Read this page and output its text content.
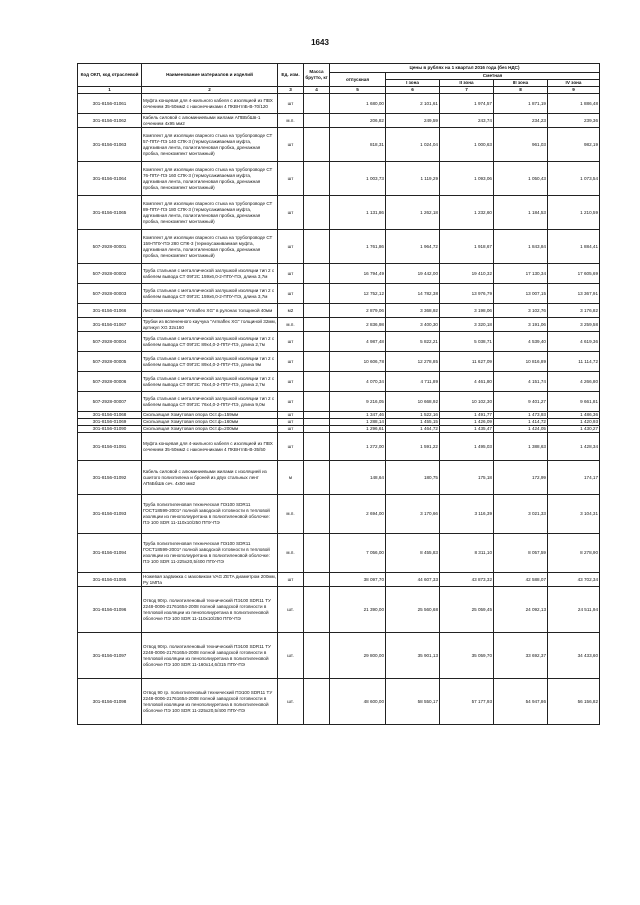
1643
Код ОКП, код отраслевой	Наименование материалов и изделий	Ед. изм.	Масса брутто, кг	Цены в рублях на 1 квартал 2016 года (без НДС)				
				отпускная	Сметная			
					I зона	II зона	III зона	IV зона
1	2	3	4	5	6	7	8	9
301-8156-01061	Муфта концевая для 4-жильного кабеля с изоляцией из ПВХ сечением 35-50мм2 с наконечниками 4 ПКВНтпБ-В-70/120	шт		1 680,00	2 101,61	1 974,57	1 871,19	1 886,48
301-8156-01062	Кабель силовой с алюминиевыми жилами АПВБбШв-1 сечением 4х95 мм2	м.п.		206,82	249,59	243,74	234,23	239,36
301-8156-01063	Комплект для изоляции сварного стыка на трубопроводе СТ 57-ППУ-ПЭ 140 СПК-3 (термоусаживаемая муфта, адгезивная лента, полиэтиленовая пробка, дренажная пробка, пенокомпект монтажный)	шт		818,31	1 024,04	1 000,63	961,03	982,19
301-8156-01064	Комплект для изоляции сварного стыка на трубопроводе СТ 76-ППУ-ПЭ 160 СПК-3 (термоусаживаемая муфта, адгезивная лента, полиэтиленовая пробка, дренажная пробка, пенокомпект монтажный)	шт		1 003,73	1 119,29	1 093,06	1 050,43	1 073,54
301-8156-01065	Комплект для изоляции сварного стыка на трубопроводе СТ 89-ППУ-ПЭ 180 СПК-3 (термоусаживаемая муфта, адгезивная лента, полиэтиленовая пробка, дренажная пробка, пенокомпект монтажный)	шт		1 131,86	1 262,18	1 232,60	1 184,53	1 210,59
507-2928-00001	Комплект для изоляции сварного стыка на трубопроводе СТ 159-ППУ-ПЭ 280 СПК-3 (термоусаживаемая муфта, адгезивная лента, полиэтиленовая пробка, дренажная пробка, пенокомпект монтажный)	шт		1 761,86	1 964,72	1 918,67	1 843,84	1 884,41
507-2928-00002	Труба стальная с металлической заглушкой изоляции тип 2 с кабелем вывода СТ 09Г2С 159х6,0-2-ППУ-ПЭ, длина 3,7м	шт		16 794,49	19 442,00	19 410,32	17 130,34	17 605,69
507-2928-00003	Труба стальная с металлической заглушкой изоляции тип 2 с кабелем вывода СТ 09Г2С 159х6,0-2-ППУ-ПЭ, длина 3,7м	шт		12 752,12	14 782,38	13 976,79	13 007,15	13 367,91
301-8156-01066	Листовая изоляция "Armaflex XG" в рулонах толщиной 40мм	м2		2 879,06	3 368,92	3 198,06	3 102,76	3 176,82
301-8156-01067	Трубки из вспененного каучука "Armaflex XG" толщиной 32мм, артикул XG 32х160	м.п.		2 836,98	3 400,30	3 320,18	3 191,06	3 259,58
507-2928-00004	Труба стальная с металлической заглушкой изоляции тип 2 с кабелем вывода СТ 09Г2С 89х4,0-2-ППУ-ПЭ, длина 2,7м	шт		4 987,48	5 822,21	5 038,71	4 539,40	4 619,36
507-2928-00005	Труба стальная с металлической заглушкой изоляции тип 2 с кабелем вывода СТ 09Г2С 89х4,0-2-ППУ-ПЭ, длина 9м	шт		10 606,78	12 278,85	11 627,09	10 816,89	11 114,72
507-2928-00006	Труба стальная с металлической заглушкой изоляции тип 2 с кабелем вывода СТ 09Г2С 76х4,0-2-ППУ-ПЭ, длина 2,7м	шт		4 070,34	4 711,89	4 461,80	4 151,74	4 266,80
507-2928-00007	Труба стальная с металлической заглушкой изоляции тип 2 с кабелем вывода СТ 09Г2С 76х4,0-2-ППУ-ПЭ, длина 9,0м	шт		9 216,05	10 668,92	10 102,30	9 401,27	9 661,81
301-8156-01068	Скользящая Хомутовая опора Ост.ф=159мм	шт		1 347,46	1 522,16	1 491,77	1 473,93	1 486,36
301-8156-01069	Скользящая Хомутовая опора Ост.ф=160мм	шт		1 288,14	1 455,15	1 426,09	1 414,72	1 420,93
301-8156-01090	Скользящая Хомутовая опора Ост.ф=200мм	шт		1 296,61	1 464,72	1 435,47	1 424,05	1 430,27
301-8156-01091	Муфта концевая для 4-жильного кабеля с изоляцией из ПВХ сечением 35-50мм2 с наконечниками 4 ПКВНтпБ-В-35/50	шт		1 272,00	1 591,22	1 495,03	1 388,63	1 428,34
301-8156-01092	Кабель силовой с алюминиевыми жилами с изоляцией из сшитого полиэтилена и броней из двух стальных лент АПвБбШв сеч. 4х50 мм2	м		148,64	180,75	175,18	172,99	174,17
301-8156-01093	Труба полиэтиленовая техническая ПЭ100 SDR11 ГОСТ18599-2001* полной заводской готовности в тепловой изоляции из пенополиуретана в полиэтиленовой оболочке: ПЭ 100 SDR 11-110х10/250 ППУ-ПЭ	м.п.		2 694,00	3 170,66	3 116,39	3 021,33	3 104,31
301-8156-01094	Труба полиэтиленовая техническая ПЭ100 SDR11 ГОСТ18599-2001* полной заводской готовности в тепловой изоляции из пенополиуретана в полиэтиленовой оболочке: ПЭ 100 SDR 11-225х20,5/400 ППУ-ПЭ	м.п.		7 056,00	8 455,83	8 311,10	8 057,59	8 278,90
301-8156-01095	Ножевая задвижка с маховиком VAG ZETA диаметром 200мм, Ру 1МПа	шт		38 097,70	44 607,33	43 873,32	42 588,07	43 702,34
301-8156-01096	Отвод 90гр. полиэтиленовый технический ПЭ100 SDR11 ТУ 2248-0006-21761654-2008 полной заводской готовности в тепловой изоляции из пенополиуретана в полиэтиленовой оболочке ПЭ 100 SDR 11-110х10/250 ППУ-ПЭ	шт.		21 390,00	25 560,68	25 059,45	24 092,13	24 511,94
301-8156-01097	Отвод 90гр. полиэтиленовый технический ПЭ100 SDR11 ТУ 2248-0006-21761654-2008 полной заводской готовности в тепловой изоляции из пенополиуретана в полиэтиленовой оболочке ПЭ 100 SDR 11-160х14,6/315 ППУ-ПЭ	шт.		29 800,00	35 901,13	35 059,70	33 692,37	34 433,60
301-8156-01098	Отвод 90 гр. полиэтиленовый технический ПЭ100 SDR11 ТУ 2248-0006-21761654-2008 полной заводской готовности в тепловой изоляции из пенополиуретана в полиэтиленовой оболочке ПЭ 100 SDR 11-225х20,5/400 ППУ-ПЭ	шт.		48 600,00	58 550,17	57 177,93	54 947,86	56 156,82
